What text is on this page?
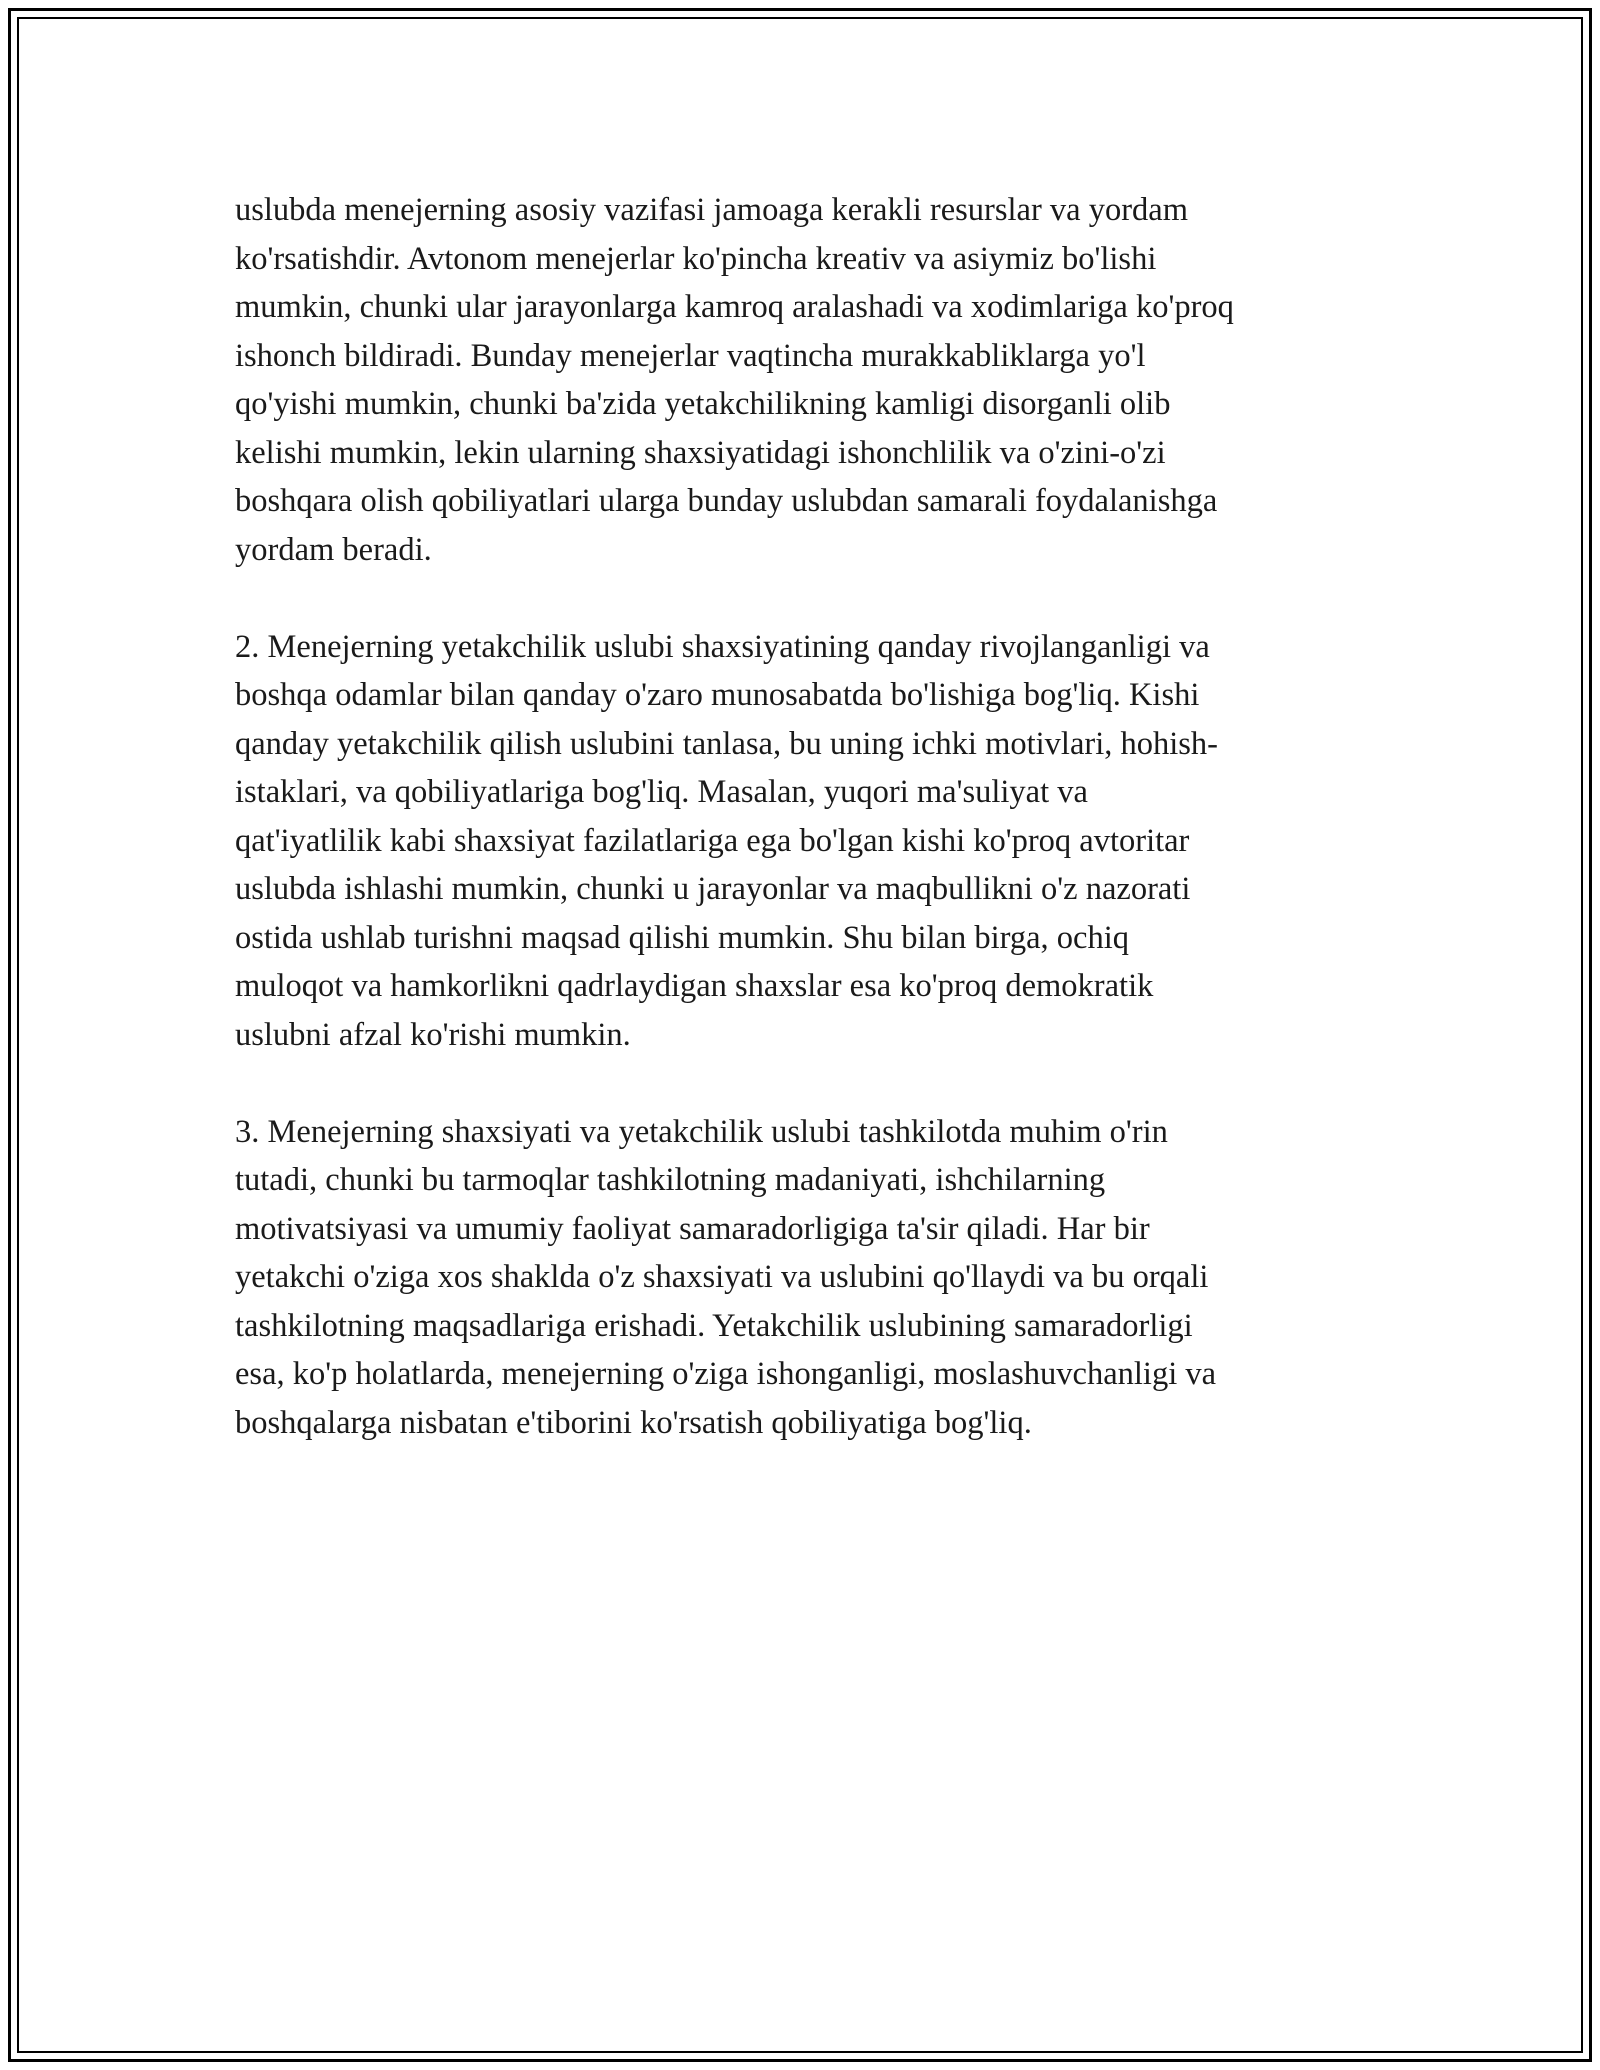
uslubda menejerning asosiy vazifasi jamoaga kerakli resurslar va yordam
ko'rsatishdir. Avtonom menejerlar ko'pincha kreativ va asiymiz bo'lishi
mumkin, chunki ular jarayonlarga kamroq aralashadi va xodimlariga ko'proq
ishonch bildiradi. Bunday menejerlar vaqtincha murakkabliklarga yo'l
qo'yishi mumkin, chunki ba'zida yetakchilikning kamligi disorganli olib
kelishi mumkin, lekin ularning shaxsiyatidagi ishonchlilik va o'zini-o'zi
boshqara olish qobiliyatlari ularga bunday uslubdan samarali foydalanishga
yordam beradi.

2. Menejerning yetakchilik uslubi shaxsiyatining qanday rivojlanganligi va
boshqa odamlar bilan qanday o'zaro munosabatda bo'lishiga bog'liq. Kishi
qanday yetakchilik qilish uslubini tanlasa, bu uning ichki motivlari, hohish-
istaklari, va qobiliyatlariga bog'liq. Masalan, yuqori ma'suliyat va
qat'iyatlilik kabi shaxsiyat fazilatlariga ega bo'lgan kishi ko'proq avtoritar
uslubda ishlashi mumkin, chunki u jarayonlar va maqbullikni o'z nazorati
ostida ushlab turishni maqsad qilishi mumkin. Shu bilan birga, ochiq
muloqot va hamkorlikni qadrlaydigan shaxslar esa ko'proq demokratik
uslubni afzal ko'rishi mumkin.

3. Menejerning shaxsiyati va yetakchilik uslubi tashkilotda muhim o'rin
tutadi, chunki bu tarmoqlar tashkilotning madaniyati, ishchilarning
motivatsiyasi va umumiy faoliyat samaradorligiga ta'sir qiladi. Har bir
yetakchi o'ziga xos shaklda o'z shaxsiyati va uslubini qo'llaydi va bu orqali
tashkilotning maqsadlariga erishadi. Yetakchilik uslubining samaradorligi
esa, ko'p holatlarda, menejerning o'ziga ishonganligi, moslashuvchanligi va
boshqalarga nisbatan e'tiborini ko'rsatish qobiliyatiga bog'liq.
